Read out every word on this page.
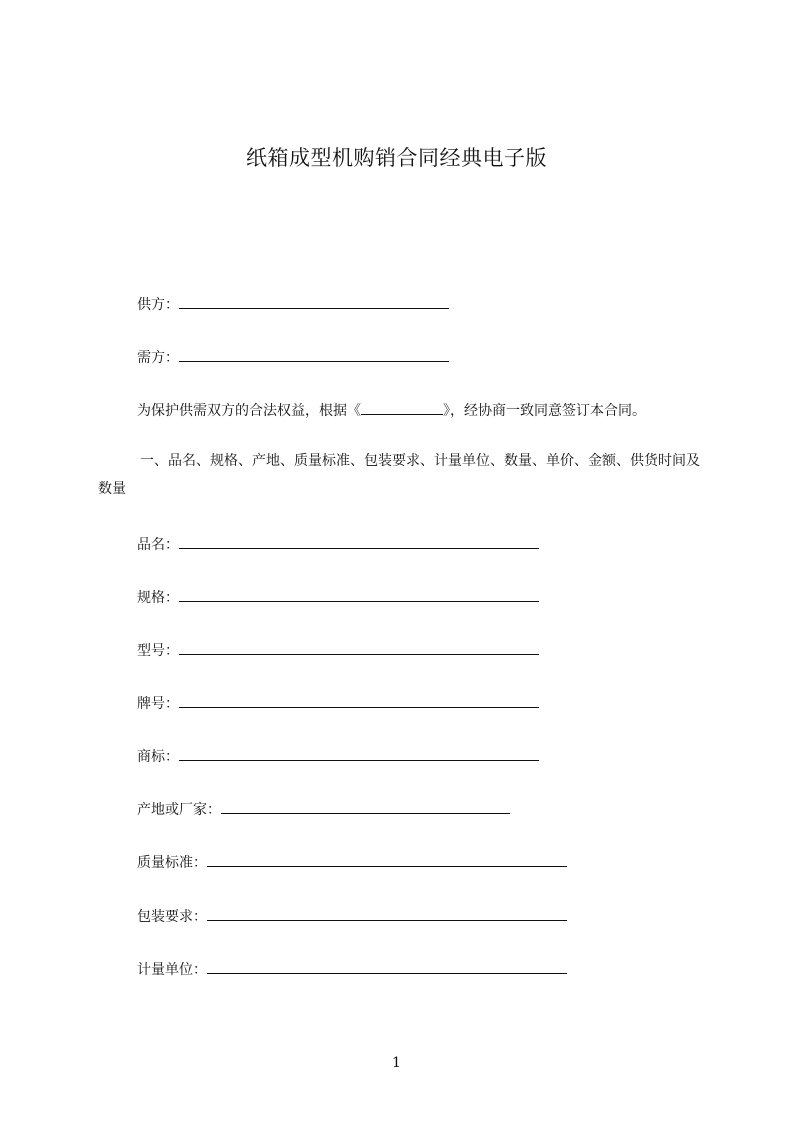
纸箱成型机购销合同经典电子版
供方：
需方：
为保护供需双方的合法权益，根据《	》，经协商一致同意签订本合同。
一、品名、规格、产地、质量标准、包装要求、计量单位、数量、单价、金额、供货时间及数量
品名：
规格：
型号：
牌号：
商标：
产地或厂家：
质量标准：
包装要求：
计量单位：
1
